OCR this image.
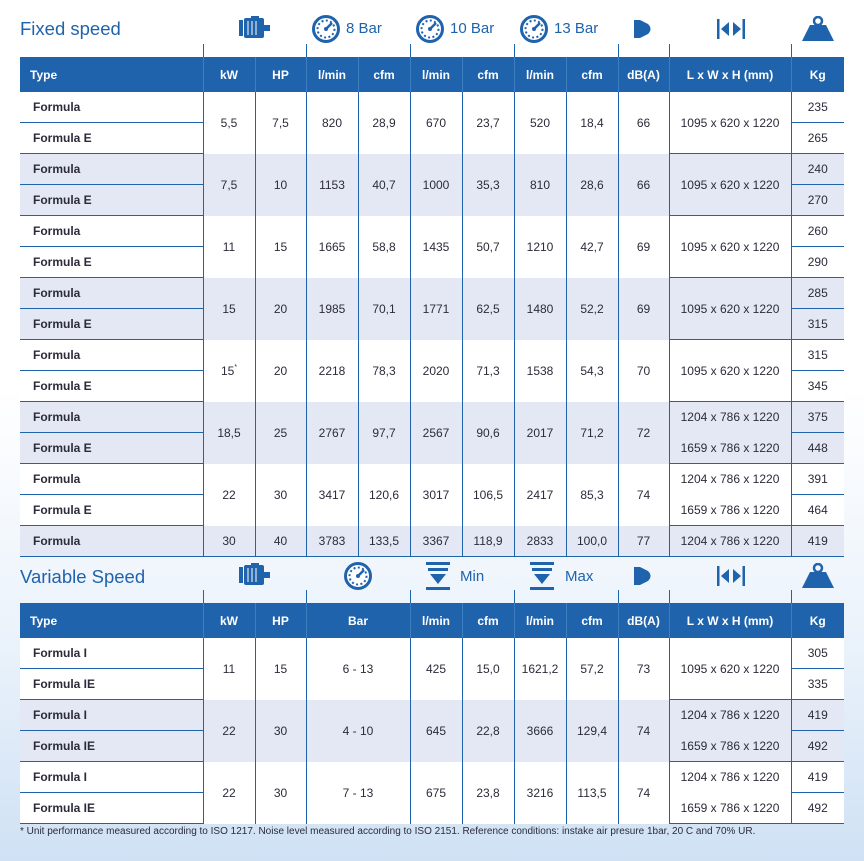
Fixed speed	8 Bar	10 Bar	13 Bar
Type	kW	HP	l/min	cfm	l/min	cfm	l/min	cfm	dB(A)	L x W x H (mm)	Kg
Formula	5,5	7,5	820	28,9	670	23,7	520	18,4	66	1095 x 620 x 1220	235
Formula E											265
Formula	7,5	10	1153	40,7	1000	35,3	810	28,6	66	1095 x 620 x 1220	240
Formula E											270
Formula	11	15	1665	58,8	1435	50,7	1210	42,7	69	1095 x 620 x 1220	260
Formula E											290
Formula	15	20	1985	70,1	1771	62,5	1480	52,2	69	1095 x 620 x 1220	285
Formula E											315
Formula	15*	20	2218	78,3	2020	71,3	1538	54,3	70	1095 x 620 x 1220	315
Formula E											345
Formula	18,5	25	2767	97,7	2567	90,6	2017	71,2	72	1204 x 786 x 1220	375
Formula E										1659 x 786 x 1220	448
Formula	22	30	3417	120,6	3017	106,5	2417	85,3	74	1204 x 786 x 1220	391
Formula E										1659 x 786 x 1220	464
Formula	30	40	3783	133,5	3367	118,9	2833	100,0	77	1204 x 786 x 1220	419
Variable Speed	Min	Max
Type	kW	HP	Bar	l/min	cfm	l/min	cfm	dB(A)	L x W x H (mm)	Kg
Formula I	11	15	6 - 13	425	15,0	1621,2	57,2	73	1095 x 620 x 1220	305
Formula IE										335
Formula I	22	30	4 - 10	645	22,8	3666	129,4	74	1204 x 786 x 1220	419
Formula IE									1659 x 786 x 1220	492
Formula I	22	30	7 - 13	675	23,8	3216	113,5	74	1204 x 786 x 1220	419
Formula IE									1659 x 786 x 1220	492
* Unit performance measured according to ISO 1217. Noise level measured according to ISO 2151. Reference conditions: instake air presure 1bar, 20 C and 70% UR.
